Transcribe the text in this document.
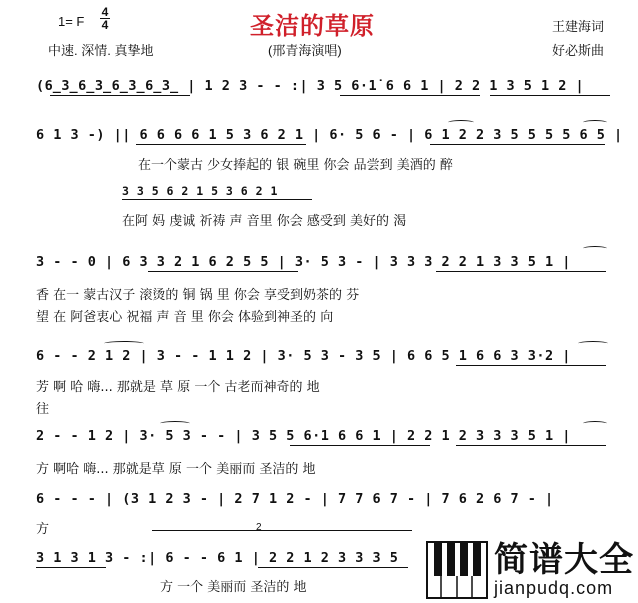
1= F
4
4	圣洁的草原	王建海词
中速. 深情. 真挚地	(邢青海演唱)	好必斯曲
(6̲3̲6̲3̲6̲3̲6̲3̲ | 1 2 3 - - :| 3 5 6·1̇ 6 6 1 | 2 2 1 3 5 1 2 |
6 1 3 -) || 6 6 6 6 1 5 3 6 2 1 | 6· 5 6 - | 6 1 2 2 3 5 5 5 5 6 5 |
在一个蒙古 少女捧起的 银 碗里 你会 品尝到 美酒的 醉
3 3 5 6 2 1 5 3 6 2 1
在阿 妈 虔诚 祈祷 声 音里 你会 感受到 美好的 渴
3 - - 0 | 6 3 3 2 1 6 2 5 5 | 3· 5 3 - | 3 3 3 2 2 1 3 3 5 1 |
香 在一 蒙古汉子 滚烫的 铜 锅 里 你会 享受到奶茶的 芬
望 在 阿爸衷心 祝福 声 音 里 你会 体验到神圣的 向
6 - - 2 1 2 | 3 - - 1 1 2 | 3· 5 3 - 3 5 | 6 6 5 1 6 6 3 3·2 |
芳 啊 哈 嗨... 那就是 草 原 一个 古老而神奇的 地
往
2 - - 1 2 | 3· 5 3 - - | 3 5 5 6·1 6 6 1 | 2 2 1 2 3 3 3 5 1 |
方 啊哈 嗨... 那就是草 原 一个 美丽而 圣洁的 地
6 - - - | (3 1 2 3 - | 2 7 1 2 - | 7 7 6 7 - | 7 6 2 6 7 - |
方	2
3 1 3 1 3 - :| 6 - - 6 1 | 2 2 1 2 3 3 3 5
方 一个 美丽而 圣洁的 地
简谱大全
jianpudq.com
